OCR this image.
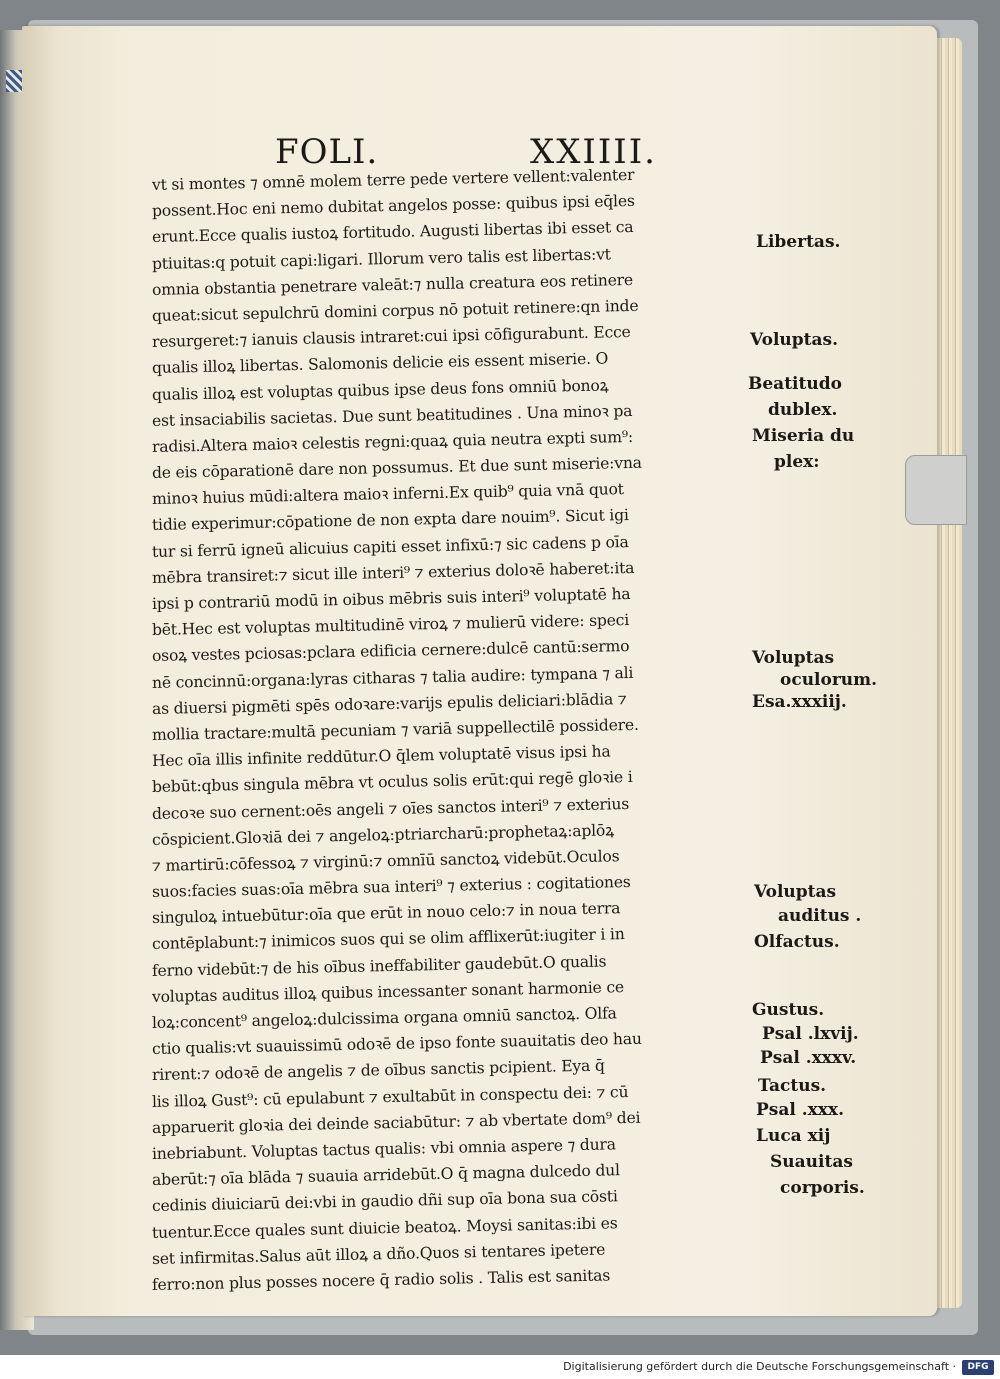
FOLI.	XXIIII.
vt si montes ⁊ omnē molem terre pede vertere vellent:valenter
possent.Hoc eni nemo dubitat angelos posse: quibus ipsi eq̄les
erunt.Ecce qualis iustoꝝ fortitudo. Augusti libertas ibi esset ca
ptiuitas:q potuit capi:ligari. Illorum vero talis est libertas:vt
omnia obstantia penetrare valeāt:⁊ nulla creatura eos retinere
queat:sicut sepulchrū domini corpus nō potuit retinere:qn inde
resurgeret:⁊ ianuis clausis intraret:cui ipsi cōfigurabunt. Ecce
qualis illoꝝ libertas. Salomonis delicie eis essent miserie. O
qualis illoꝝ est voluptas quibus ipse deus fons omniū bonoꝝ
est insaciabilis sacietas. Due sunt beatitudines . Una minoꝛ pa
radisi.Altera maioꝛ celestis regni:quaꝝ quia neutra expti sum⁹:
de eis cōparationē dare non possumus. Et due sunt miserie:vna
minoꝛ huius mūdi:altera maioꝛ inferni.Ex quib⁹ quia vnā quot
tidie experimur:cōpatione de non expta dare nouim⁹. Sicut igi
tur si ferrū igneū alicuius capiti esset infixū:⁊ sic cadens p oīa
mēbra transiret:⁊ sicut ille interi⁹ ⁊ exterius doloꝛē haberet:ita
ipsi p contrariū modū in oibus mēbris suis interi⁹ voluptatē ha
bēt.Hec est voluptas multitudinē viroꝝ ⁊ mulierū videre: speci
osoꝝ vestes pciosas:pclara edificia cernere:dulcē cantū:sermo
nē concinnū:organa:lyras citharas ⁊ talia audire: tympana ⁊ ali
as diuersi pigmēti spēs odoꝛare:varijs epulis deliciari:blādia ⁊
mollia tractare:multā pecuniam ⁊ variā suppellectilē possidere.
Hec oīa illis infinite reddūtur.O q̄lem voluptatē visus ipsi ha
bebūt:qbus singula mēbra vt oculus solis erūt:qui regē gloꝛie i
decoꝛe suo cernent:oēs angeli ⁊ oīes sanctos interi⁹ ⁊ exterius
cōspicient.Gloꝛiā dei ⁊ angeloꝝ:ptriarcharū:prophetaꝝ:aplōꝝ
⁊ martirū:cōfessoꝝ ⁊ virginū:⁊ omnīū sanctoꝝ videbūt.Oculos
suos:facies suas:oīa mēbra sua interi⁹ ⁊ exterius : cogitationes
singuloꝝ intuebūtur:oīa que erūt in nouo celo:⁊ in noua terra
contēplabunt:⁊ inimicos suos qui se olim afflixerūt:iugiter i in
ferno videbūt:⁊ de his oībus ineffabiliter gaudebūt.O qualis
voluptas auditus illoꝝ quibus incessanter sonant harmonie ce
loꝝ:concent⁹ angeloꝝ:dulcissima organa omniū sanctoꝝ. Olfa
ctio qualis:vt suauissimū odoꝛē de ipso fonte suauitatis deo hau
rirent:⁊ odoꝛē de angelis ⁊ de oībus sanctis pcipient. Eya q̄
lis illoꝝ Gust⁹: cū epulabunt ⁊ exultabūt in conspectu dei: ⁊ cū
apparuerit gloꝛia dei deinde saciabūtur: ⁊ ab vbertate dom⁹ dei
inebriabunt. Voluptas tactus qualis: vbi omnia aspere ⁊ dura
aberūt:⁊ oīa blāda ⁊ suauia arridebūt.O q̄ magna dulcedo dul
cedinis diuiciarū dei:vbi in gaudio dñi sup oīa bona sua cōsti
tuentur.Ecce quales sunt diuicie beatoꝝ. Moysi sanitas:ibi es
set infirmitas.Salus aūt illoꝝ a dño.Quos si tentares ipetere
ferro:non plus posses nocere q̄ radio solis . Talis est sanitas
Libertas.
Voluptas.
Beatitudo
dublex.
Miseria du
plex:
Voluptas
oculorum.
Esa.xxxiij.
Voluptas
auditus .
Olfactus.
Gustus.
Psal .lxvij.
Psal .xxxv.
Tactus.
Psal .xxx.
Luca xij
Suauitas
corporis.
Digitalisierung gefördert durch die Deutsche Forschungsgemeinschaft ·	DFG
